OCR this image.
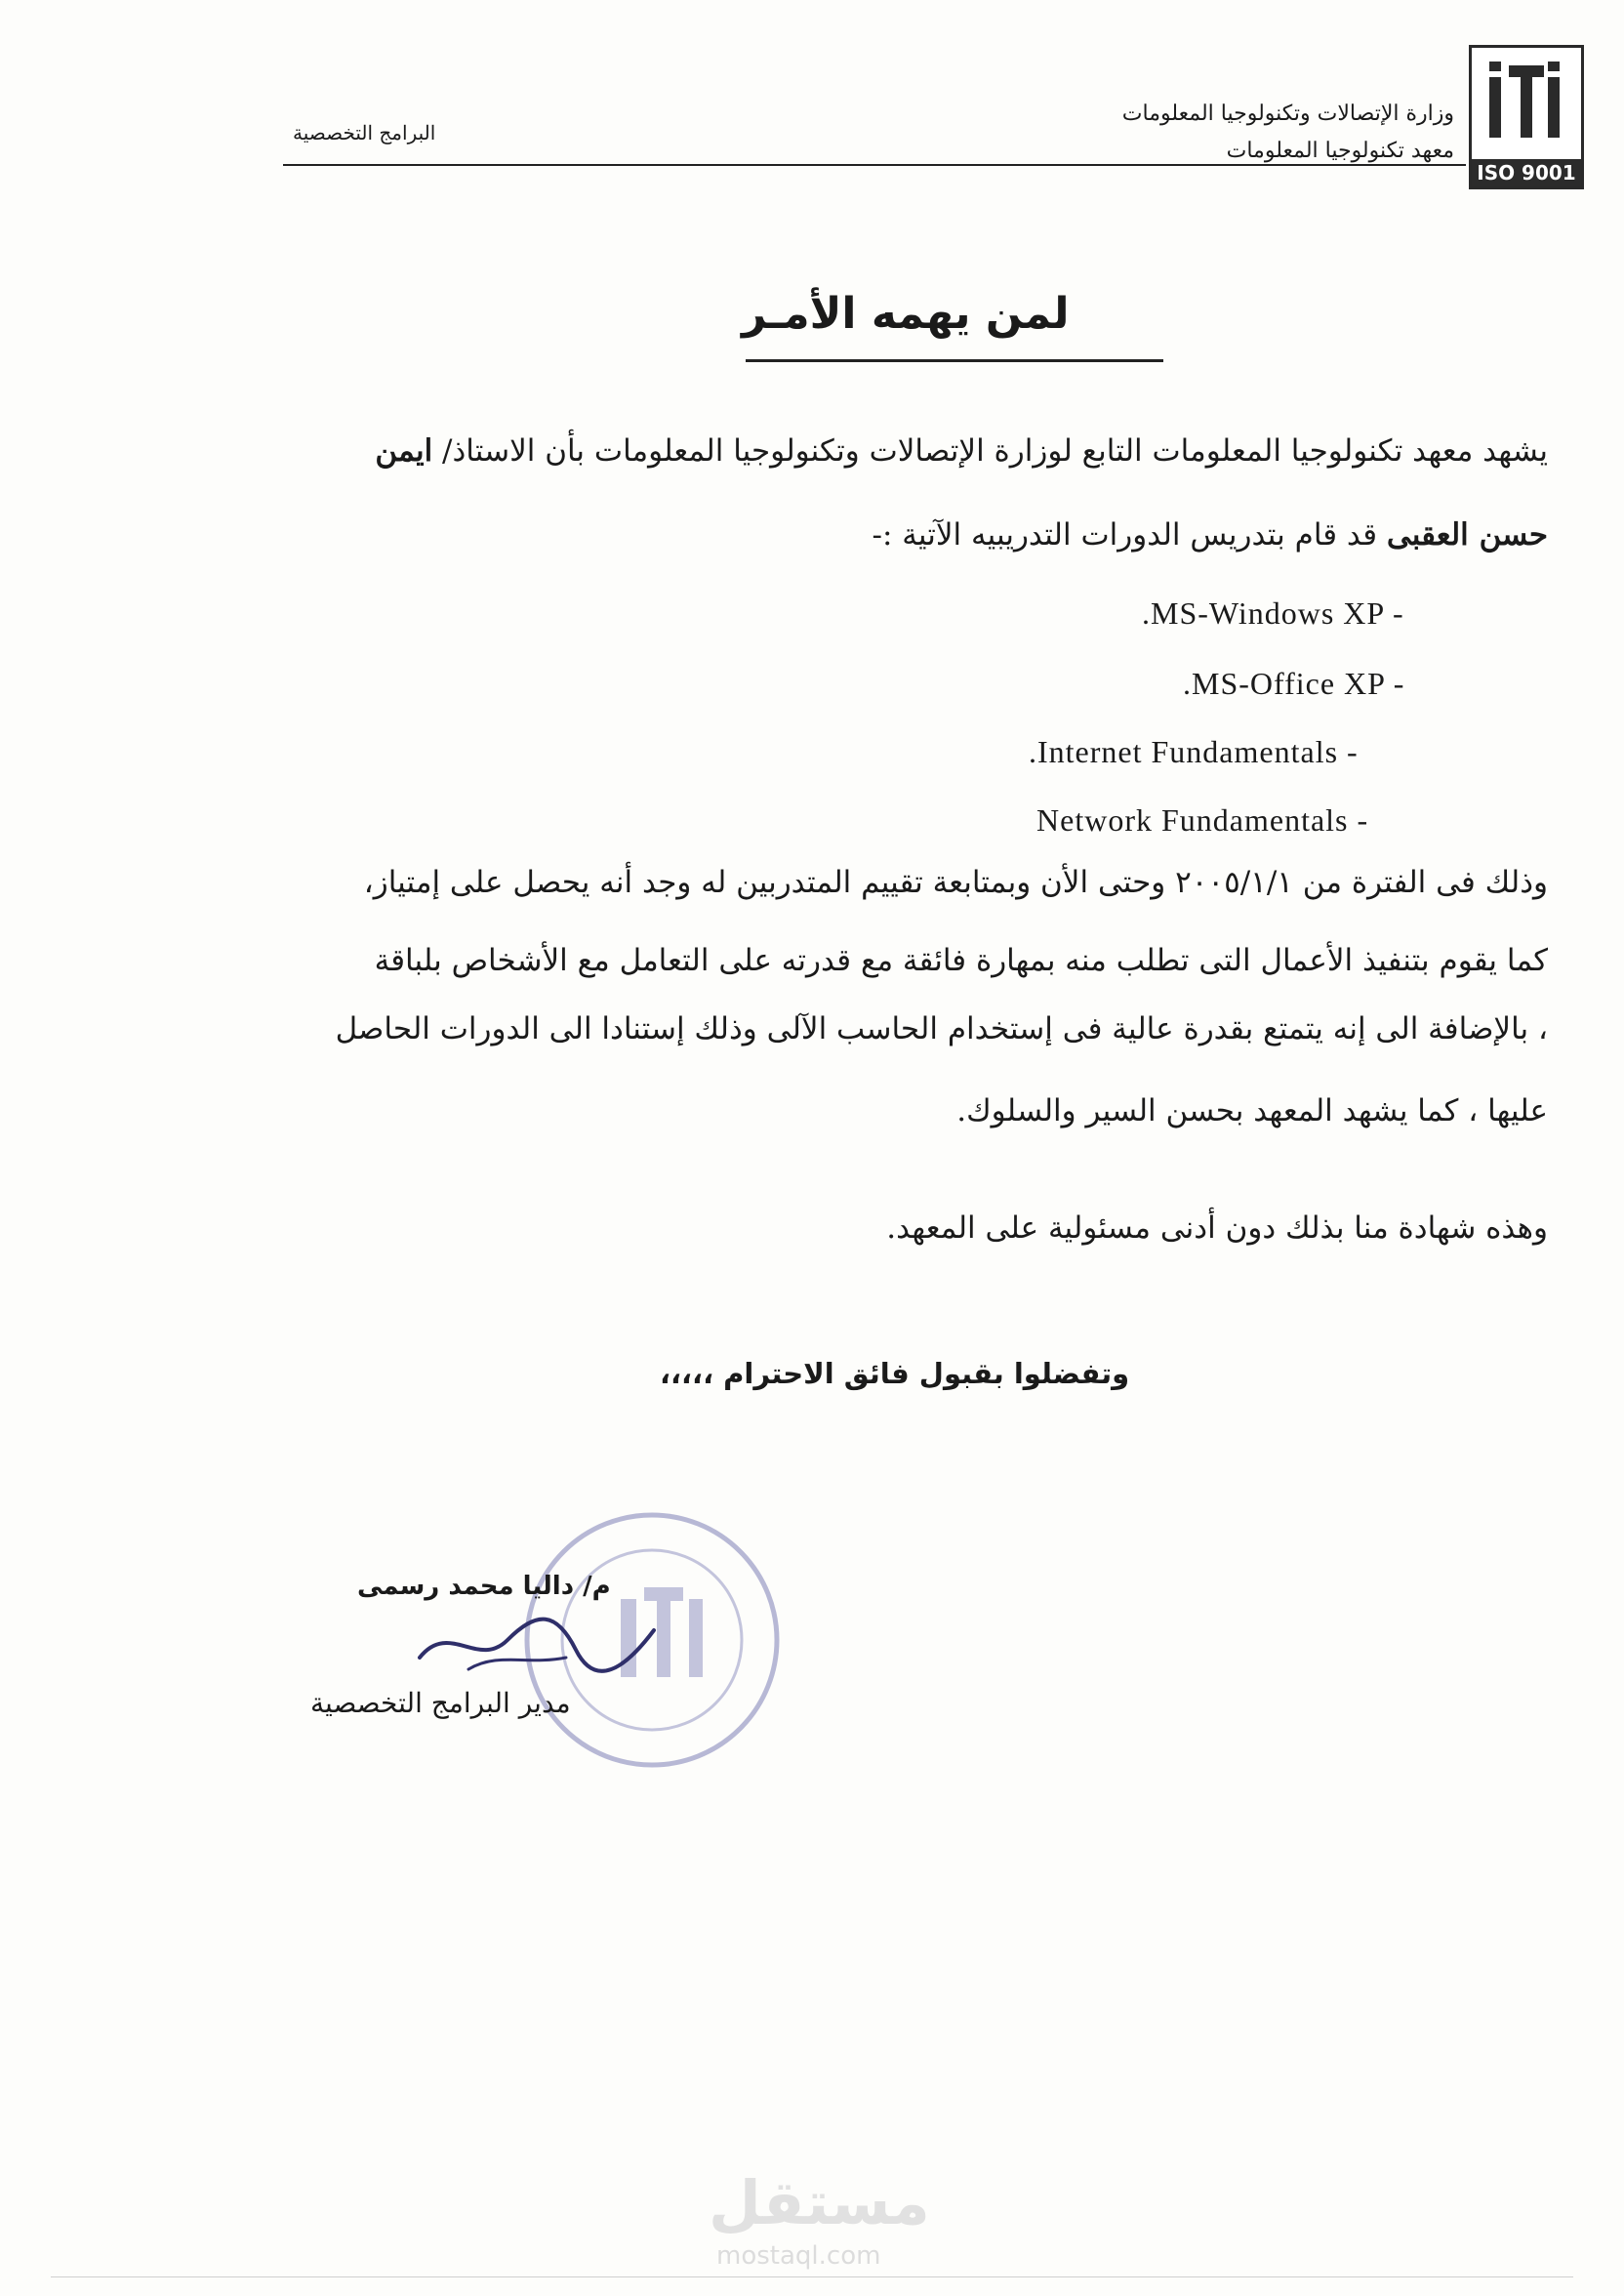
ISO 9001
وزارة الإتصالات وتكنولوجيا المعلومات
معهد تكنولوجيا المعلومات
البرامج التخصصية
لمن يهمه الأمـر
يشهد معهد تكنولوجيا المعلومات التابع لوزارة الإتصالات وتكنولوجيا المعلومات بأن الاستاذ/ ايمن
حسن العقبى قد قام بتدريس الدورات التدريبيه الآتية :-
.MS-Windows XP -
.MS-Office XP -
.Internet Fundamentals -
Network Fundamentals -
وذلك فى الفترة من ٢٠٠٥/١/١ وحتى الأن وبمتابعة تقييم المتدربين له وجد أنه يحصل على إمتياز،
كما يقوم بتنفيذ الأعمال التى تطلب منه بمهارة فائقة مع قدرته على التعامل مع الأشخاص بلباقة
، بالإضافة الى إنه يتمتع بقدرة عالية فى إستخدام الحاسب الآلى وذلك إستنادا الى الدورات الحاصل
عليها ، كما يشهد المعهد بحسن السير والسلوك.
وهذه شهادة منا بذلك دون أدنى مسئولية على المعهد.
وتفضلوا بقبول فائق الاحترام ،،،،،
م/ داليا محمد رسمى
مدير البرامج التخصصية
مستقل
mostaql.com
